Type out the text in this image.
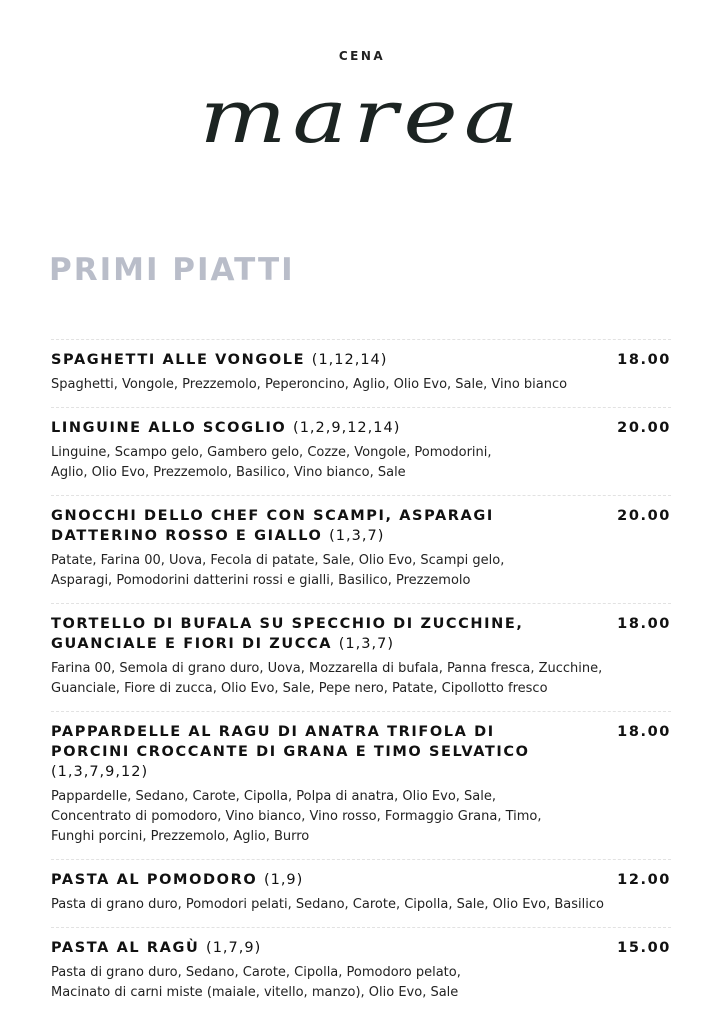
CENA
marea
PRIMI PIATTI
SPAGHETTI ALLE VONGOLE (1,12,14)	18.00
Spaghetti, Vongole, Prezzemolo, Peperoncino, Aglio, Olio Evo, Sale, Vino bianco
LINGUINE ALLO SCOGLIO (1,2,9,12,14)	20.00
Linguine, Scampo gelo, Gambero gelo, Cozze, Vongole, Pomodorini, Aglio, Olio Evo, Prezzemolo, Basilico, Vino bianco, Sale
GNOCCHI DELLO CHEF CON SCAMPI, ASPARAGI DATTERINO ROSSO E GIALLO (1,3,7)
20.00
Patate, Farina 00, Uova, Fecola di patate, Sale, Olio Evo, Scampi gelo, Asparagi, Pomodorini datterini rossi e gialli, Basilico, Prezzemolo
TORTELLO DI BUFALA SU SPECCHIO DI ZUCCHINE, GUANCIALE E FIORI DI ZUCCA (1,3,7)
18.00
Farina 00, Semola di grano duro, Uova, Mozzarella di bufala, Panna fresca, Zucchine, Guanciale, Fiore di zucca, Olio Evo, Sale, Pepe nero, Patate, Cipollotto fresco
PAPPARDELLE AL RAGU DI ANATRA TRIFOLA DI PORCINI CROCCANTE DI GRANA E TIMO SELVATICO (1,3,7,9,12)
18.00
Pappardelle, Sedano, Carote, Cipolla, Polpa di anatra, Olio Evo, Sale, Concentrato di pomodoro, Vino bianco, Vino rosso, Formaggio Grana, Timo, Funghi porcini, Prezzemolo, Aglio, Burro
PASTA AL POMODORO (1,9)	12.00
Pasta di grano duro, Pomodori pelati, Sedano, Carote, Cipolla, Sale, Olio Evo, Basilico
PASTA AL RAGÙ (1,7,9)	15.00
Pasta di grano duro, Sedano, Carote, Cipolla, Pomodoro pelato, Macinato di carni miste (maiale, vitello, manzo), Olio Evo, Sale
